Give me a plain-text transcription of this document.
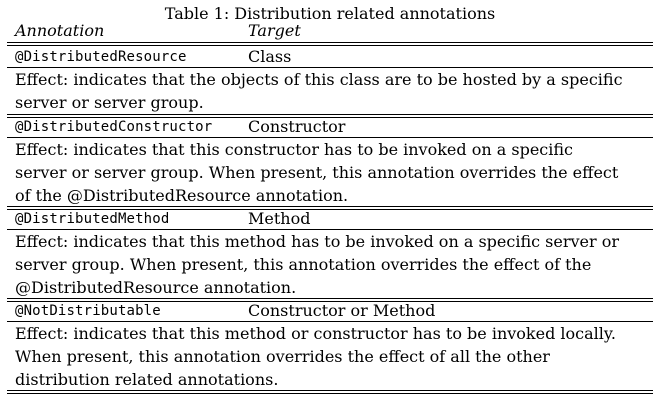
Table 1: Distribution related annotations
Annotation	Target
@DistributedResource	Class
Effect: indicates that the objects of this class are to be hosted by a specific server or server group.
@DistributedConstructor	Constructor
Effect: indicates that this constructor has to be invoked on a specific server or server group. When present, this annotation overrides the effect of the @DistributedResource annotation.
@DistributedMethod	Method
Effect: indicates that this method has to be invoked on a specific server or server group. When present, this annotation overrides the effect of the @DistributedResource annotation.
@NotDistributable	Constructor or Method
Effect: indicates that this method or constructor has to be invoked locally. When present, this annotation overrides the effect of all the other distribution related annotations.
